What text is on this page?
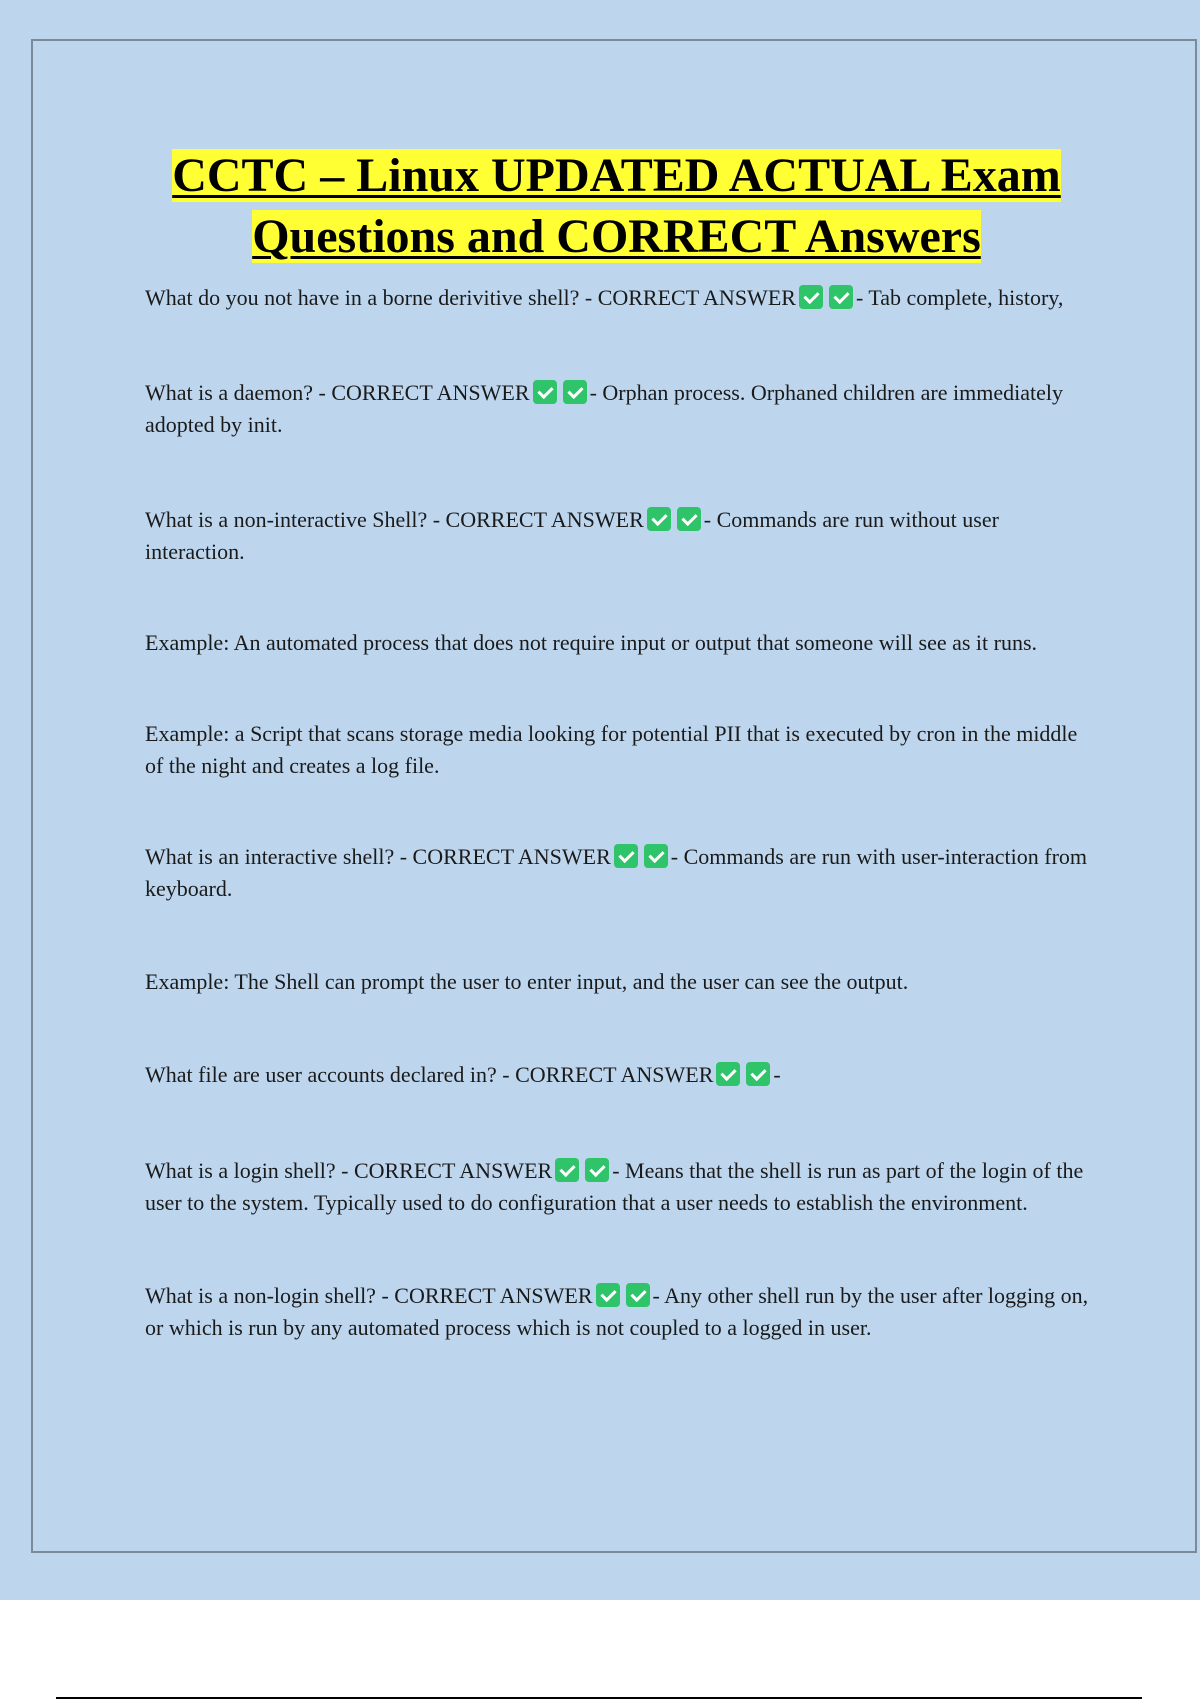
CCTC – Linux UPDATED ACTUAL Exam
Questions and CORRECT Answers

What do you not have in a borne derivitive shell? - CORRECT ANSWER	- Tab complete, history,

What is a daemon? - CORRECT ANSWER	- Orphan process. Orphaned children are immediately adopted by init.

What is a non-interactive Shell? - CORRECT ANSWER	- Commands are run without user interaction.

Example: An automated process that does not require input or output that someone will see as it runs.

Example: a Script that scans storage media looking for potential PII that is executed by cron in the middle of the night and creates a log file.

What is an interactive shell? - CORRECT ANSWER	- Commands are run with user-interaction from keyboard.

Example: The Shell can prompt the user to enter input, and the user can see the output.

What file are user accounts declared in? - CORRECT ANSWER	-

What is a login shell? - CORRECT ANSWER	- Means that the shell is run as part of the login of the user to the system. Typically used to do configuration that a user needs to establish the environment.

What is a non-login shell? - CORRECT ANSWER	- Any other shell run by the user after logging on, or which is run by any automated process which is not coupled to a logged in user.
